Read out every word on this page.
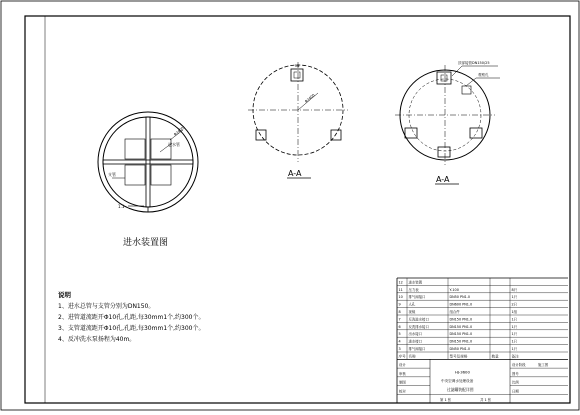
进水管
支管
Φ3400
1.1
进水装置图
Φ3400
N1
A-A
顶部接管DN150/25
观察孔
A-A
12 进水装置
11 压力表	Y-100	8只
10 排气阀接口	DN50 PN1.0	1只
9 人孔	DN600 PN1.0	2只
8 视镜	组合件	1组
7 反洗进水接口	DN150 PN1.0	1只
6 反洗排水接口	DN150 PN1.0	1只
5 出水接口	DN150 PN1.0	1只
4 进水接口	DN150 PN1.0	1只
3 排气阀接口	DN50 PN1.0	1只
序号 名称	型号及规格	数量	备注
设计
审核
制图
校对
HJ-3600
中央空调水处理设备
过滤罐装配详图
第 1 张	共 1 张
设计阶段	施工图
图号
比例
日期
说明
1、进水总管与支管分别为DN150。
2、进管道流距开Φ10孔,孔距,每30mm1个,约300个。
3、支管道流距开Φ10孔,孔距,每30mm1个,约300个。
4、反冲洗水泵扬程为40m。
